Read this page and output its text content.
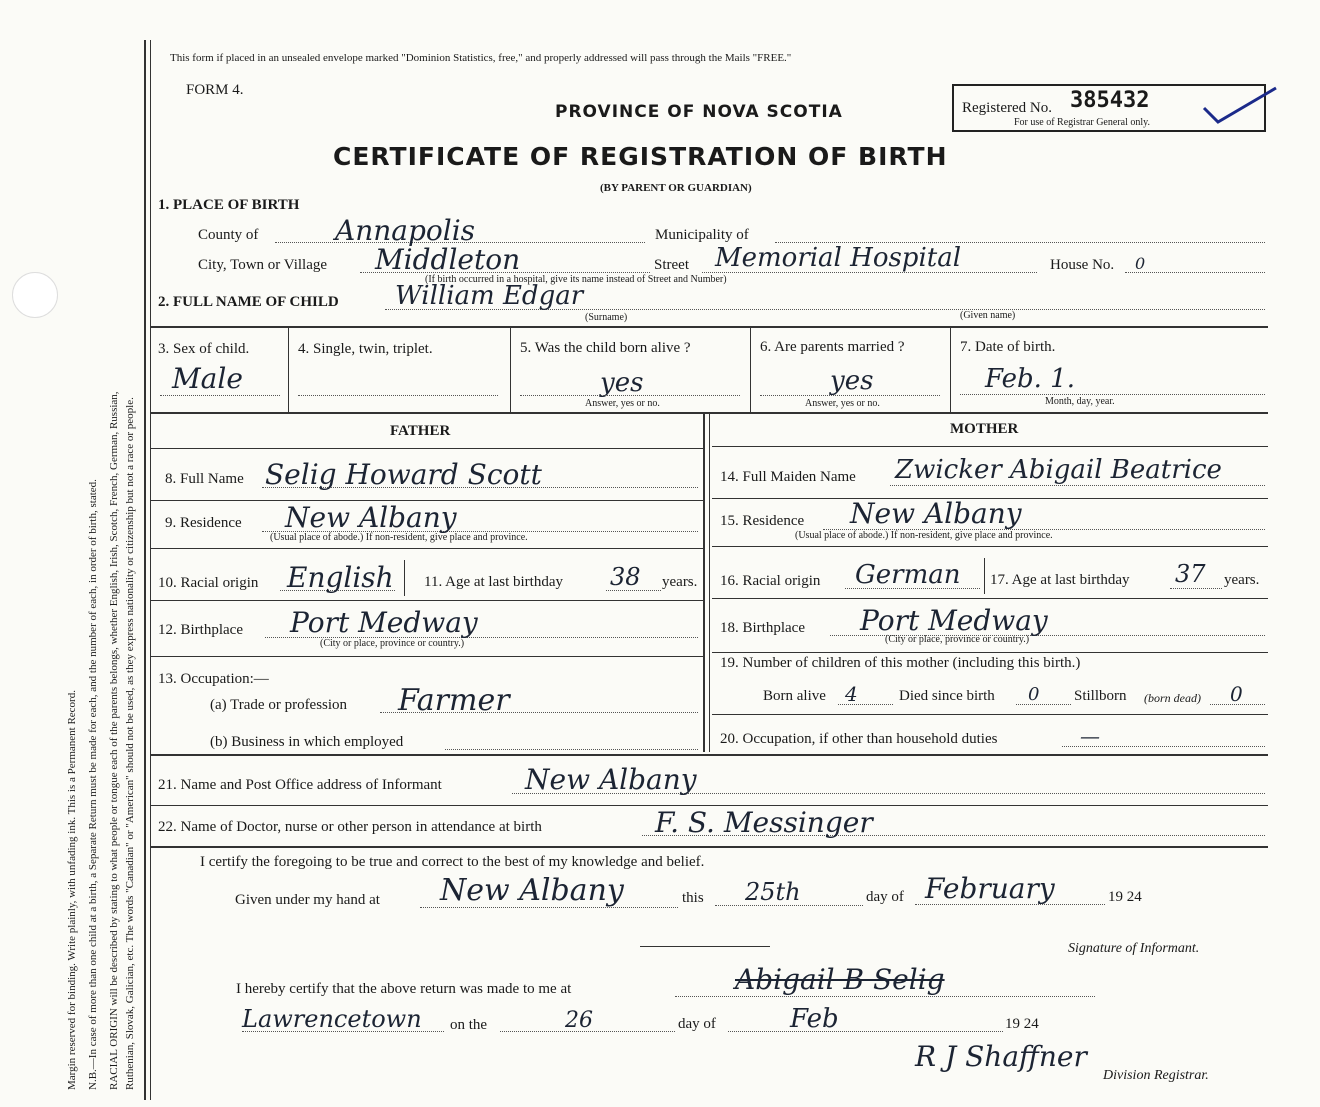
Margin reserved for binding. Write plainly, with unfading ink. This is a Permanent Record. N.B.—In case of more than one child at a birth, a Separate Return must be made for each, and the number of each, in order of birth, stated. RACIAL ORIGIN will be described by stating to what people or tongue each of the parents belongs, whether English, Irish, Scotch, French, German, Russian, Ruthenian, Slovak, Galician, etc. The words "Canadian" or "American" should not be used, as they express nationality or citizenship but not a race or people.
This form if placed in an unsealed envelope marked "Dominion Statistics, free," and properly addressed will pass through the Mails "FREE."
FORM 4.
PROVINCE OF NOVA SCOTIA	Registered No. 385432
For use of Registrar General only.
CERTIFICATE OF REGISTRATION OF BIRTH
(BY PARENT OR GUARDIAN)
1. PLACE OF BIRTH
County of	Annapolis	Municipality of
City, Town or Village Middleton	Street Memorial Hospital	House No. 0
(If birth occurred in a hospital, give its name instead of Street and Number)
2. FULL NAME OF CHILD William Edgar
(Surname)	(Given name)
3. Sex of child.
Male
4. Single, twin, triplet.	5. Was the child born alive ?
yes
Answer, yes or no.
6. Are parents married ?
yes
Answer, yes or no.
7. Date of birth.
Feb. 1.
Month, day, year.
FATHER	MOTHER
8. Full Name Selig Howard Scott
9. Residence New Albany
(Usual place of abode.) If non-resident, give place and province.
10. Racial origin English 11. Age at last birthday 38 years.
12. Birthplace Port Medway
(City or place, province or country.)
13. Occupation:—
(a) Trade or profession Farmer
(b) Business in which employed
14. Full Maiden Name Zwicker Abigail Beatrice
15. Residence New Albany
(Usual place of abode.) If non-resident, give place and province.
16. Racial origin German 17. Age at last birthday 37 years.
18. Birthplace Port Medway
(City or place, province or country.)
19. Number of children of this mother (including this birth.)
Born alive 4	Died since birth 0 Stillborn (born dead) 0
20. Occupation, if other than household duties	—
21. Name and Post Office address of Informant	New Albany
22. Name of Doctor, nurse or other person in attendance at birth	F. S. Messinger
I certify the foregoing to be true and correct to the best of my knowledge and belief.
Given under my hand at New Albany	this 25th	day of February	19 24
Signature of Informant.
I hereby certify that the above return was made to me at	Abigail B Selig
Lawrencetown on the	26	day of	Feb	19 24
R J Shaffner
Division Registrar.
